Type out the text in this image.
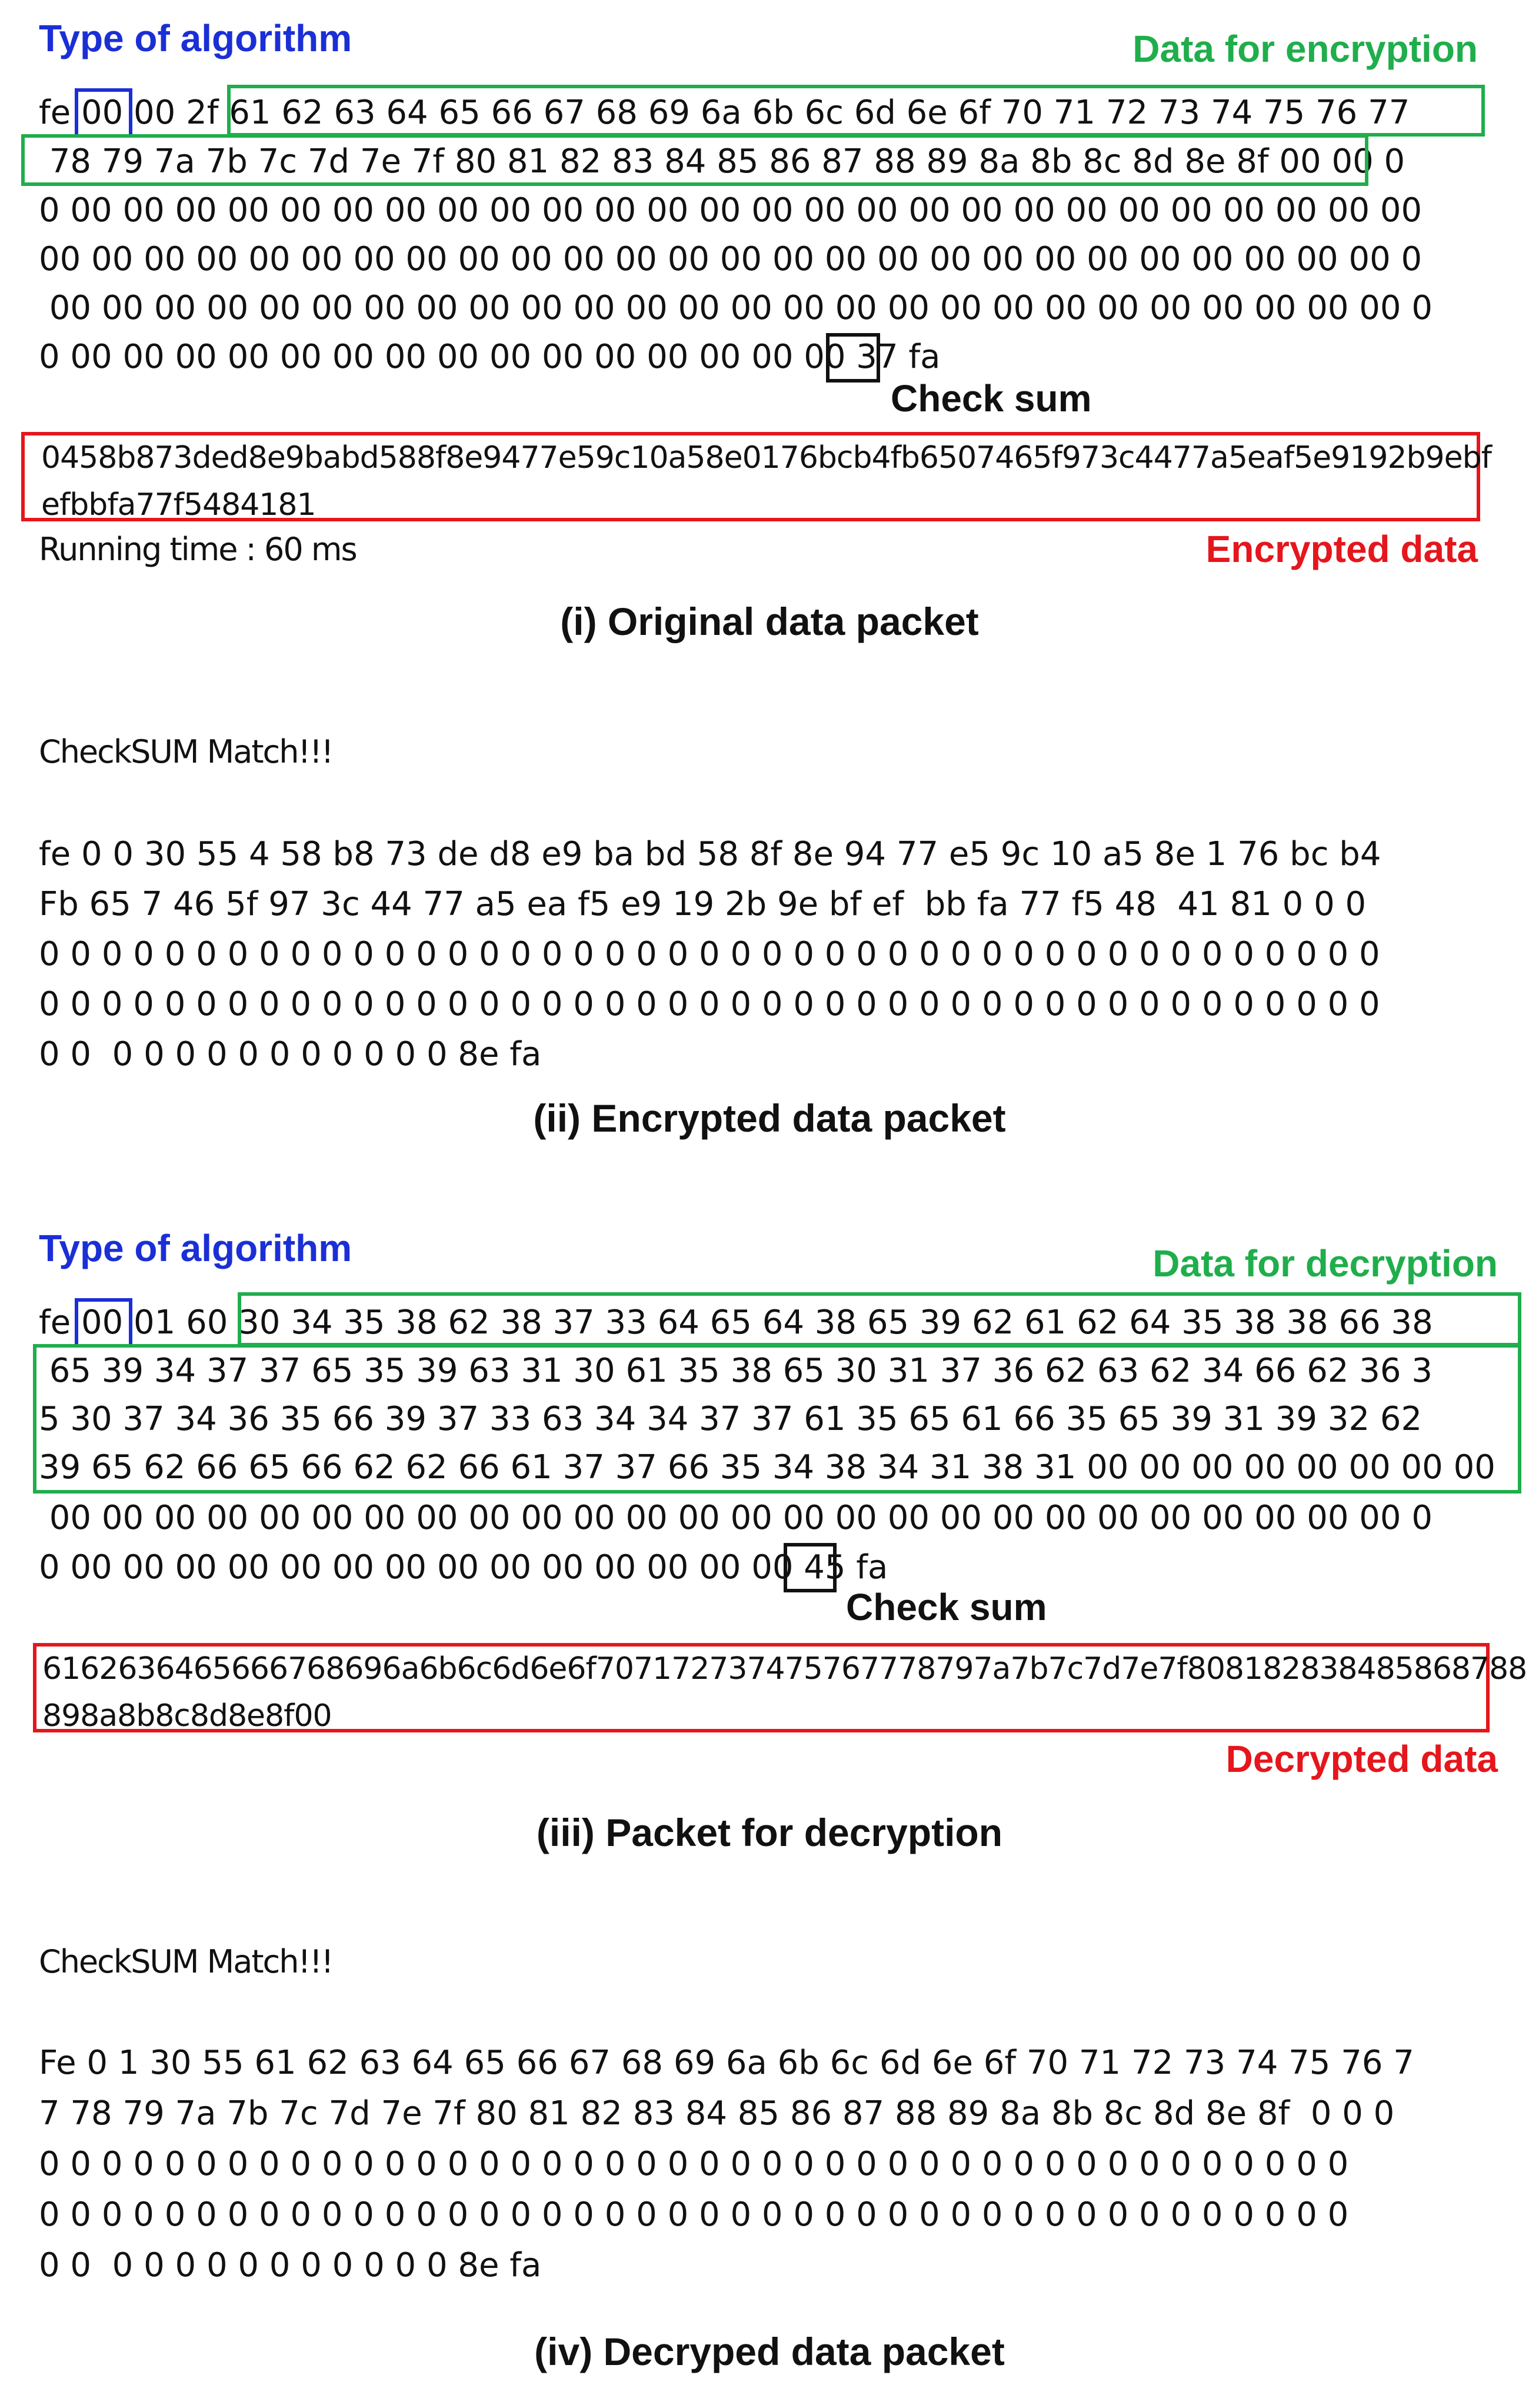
Type of algorithm	Data for encryption
fe 00 00 2f 61 62 63 64 65 66 67 68 69 6a 6b 6c 6d 6e 6f 70 71 72 73 74 75 76 77
78 79 7a 7b 7c 7d 7e 7f 80 81 82 83 84 85 86 87 88 89 8a 8b 8c 8d 8e 8f 00 00 0
0 00 00 00 00 00 00 00 00 00 00 00 00 00 00 00 00 00 00 00 00 00 00 00 00 00 00
00 00 00 00 00 00 00 00 00 00 00 00 00 00 00 00 00 00 00 00 00 00 00 00 00 00 0
00 00 00 00 00 00 00 00 00 00 00 00 00 00 00 00 00 00 00 00 00 00 00 00 00 00 0
0 00 00 00 00 00 00 00 00 00 00 00 00 00 00 00 37 fa
Check sum
0458b873ded8e9babd588f8e9477e59c10a58e0176bcb4fb6507465f973c4477a5eaf5e9192b9ebf
efbbfa77f5484181
Running time : 60 ms	Encrypted data
(i) Original data packet
CheckSUM Match!!!
fe 0 0 30 55 4 58 b8 73 de d8 e9 ba bd 58 8f 8e 94 77 e5 9c 10 a5 8e 1 76 bc b4
Fb 65 7 46 5f 97 3c 44 77 a5 ea f5 e9 19 2b 9e bf ef  bb fa 77 f5 48  41 81 0 0 0
0 0 0 0 0 0 0 0 0 0 0 0 0 0 0 0 0 0 0 0 0 0 0 0 0 0 0 0 0 0 0 0 0 0 0 0 0 0 0 0 0 0 0
0 0 0 0 0 0 0 0 0 0 0 0 0 0 0 0 0 0 0 0 0 0 0 0 0 0 0 0 0 0 0 0 0 0 0 0 0 0 0 0 0 0 0
0 0  0 0 0 0 0 0 0 0 0 0 0 8e fa
(ii) Encrypted data packet
Type of algorithm	Data for decryption
fe 00 01 60 30 34 35 38 62 38 37 33 64 65 64 38 65 39 62 61 62 64 35 38 38 66 38
65 39 34 37 37 65 35 39 63 31 30 61 35 38 65 30 31 37 36 62 63 62 34 66 62 36 3
5 30 37 34 36 35 66 39 37 33 63 34 34 37 37 61 35 65 61 66 35 65 39 31 39 32 62
39 65 62 66 65 66 62 62 66 61 37 37 66 35 34 38 34 31 38 31 00 00 00 00 00 00 00 00
00 00 00 00 00 00 00 00 00 00 00 00 00 00 00 00 00 00 00 00 00 00 00 00 00 00 0
0 00 00 00 00 00 00 00 00 00 00 00 00 00 00 45 fa
Check sum
6162636465666768696a6b6c6d6e6f707172737475767778797a7b7c7d7e7f808182838485868788
898a8b8c8d8e8f00
Decrypted data
(iii) Packet for decryption
CheckSUM Match!!!
Fe 0 1 30 55 61 62 63 64 65 66 67 68 69 6a 6b 6c 6d 6e 6f 70 71 72 73 74 75 76 7
7 78 79 7a 7b 7c 7d 7e 7f 80 81 82 83 84 85 86 87 88 89 8a 8b 8c 8d 8e 8f  0 0 0
0 0 0 0 0 0 0 0 0 0 0 0 0 0 0 0 0 0 0 0 0 0 0 0 0 0 0 0 0 0 0 0 0 0 0 0 0 0 0 0 0 0
0 0 0 0 0 0 0 0 0 0 0 0 0 0 0 0 0 0 0 0 0 0 0 0 0 0 0 0 0 0 0 0 0 0 0 0 0 0 0 0 0 0
0 0  0 0 0 0 0 0 0 0 0 0 0 8e fa
(iv) Decryped data packet
